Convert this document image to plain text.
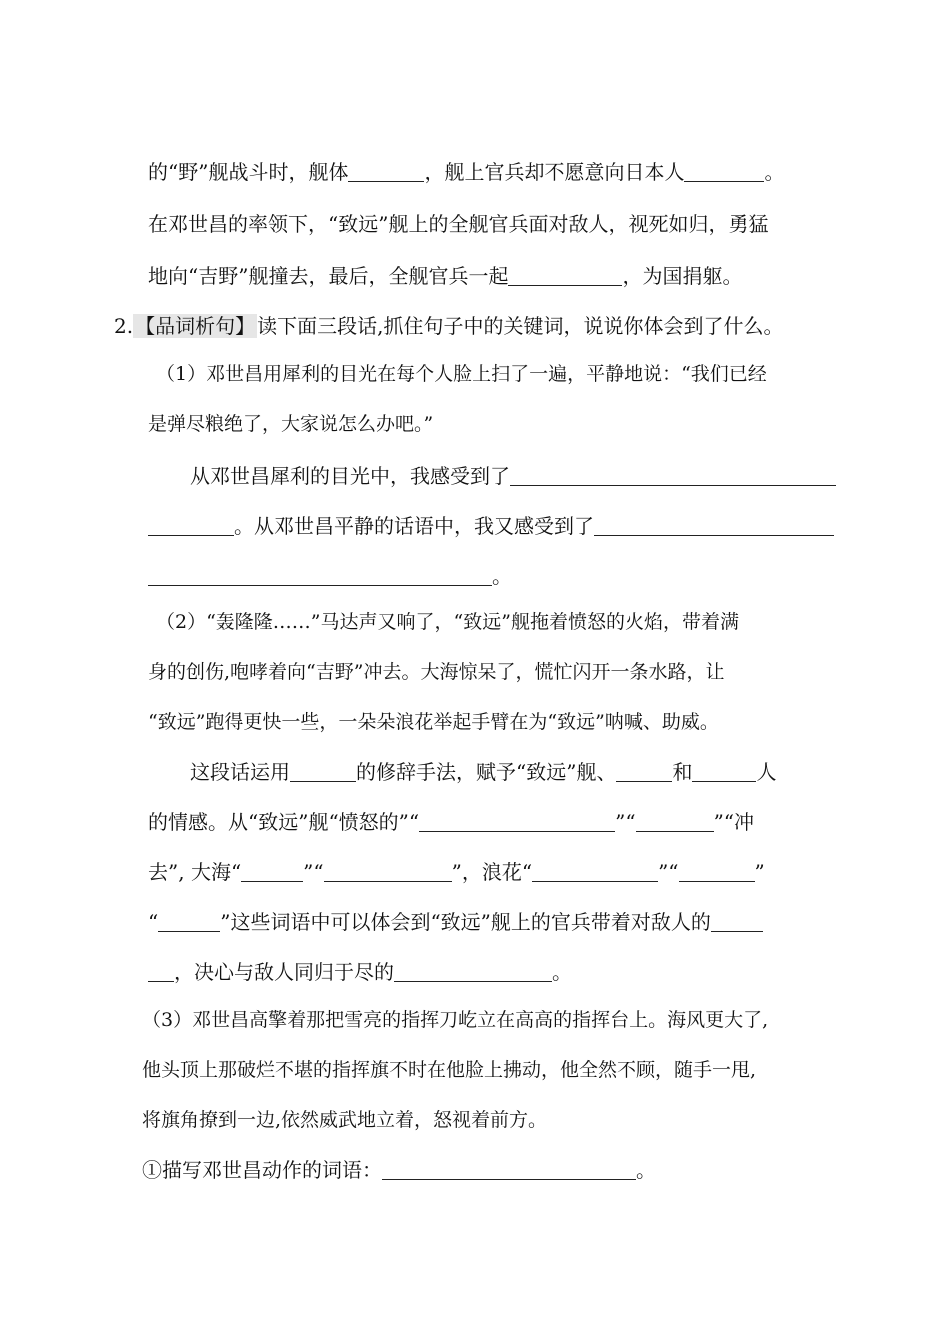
的“野”舰战斗时，舰体	，舰上官兵却不愿意向日本人	。
在邓世昌的率领下，“致远”舰上的全舰官兵面对敌人，视死如归，勇猛
地向“吉野”舰撞去，最后，全舰官兵一起	，为国捐躯。
2. 【品词析句】 读下面三段话,抓住句子中的关键词，说说你体会到了什么。
（1）邓世昌用犀利的目光在每个人脸上扫了一遍，平静地说：“我们已经
是弹尽粮绝了，大家说怎么办吧。”
从邓世昌犀利的目光中，我感受到了
。从邓世昌平静的话语中，我又感受到了
。
（2）“轰隆隆……”马达声又响了，“致远”舰拖着愤怒的火焰，带着满
身的创伤,咆哮着向“吉野”冲去。大海惊呆了，慌忙闪开一条水路，让
“致远”跑得更快一些，一朵朵浪花举起手臂在为“致远”呐喊、助威。
这段话运用	的修辞手法，赋予“致远”舰、	和	人
的情感。从“致远”舰“愤怒的”“	”“	”“冲
去”, 大海“	”“	”，浪花“	”“	”
“	”这些词语中可以体会到“致远”舰上的官兵带着对敌人的
，决心与敌人同归于尽的	。
（3）邓世昌高擎着那把雪亮的指挥刀屹立在高高的指挥台上。海风更大了,
他头顶上那破烂不堪的指挥旗不时在他脸上拂动，他全然不顾，随手一甩,
将旗角撩到一边,依然威武地立着，怒视着前方。
①描写邓世昌动作的词语：	。
